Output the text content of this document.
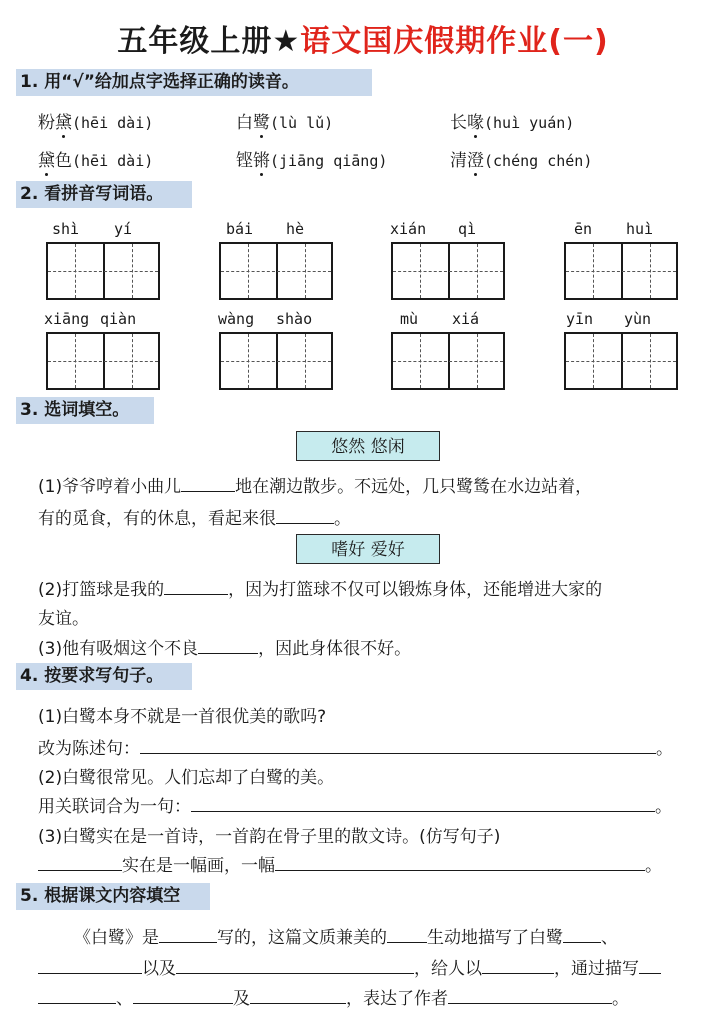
五年级上册★语文国庆假期作业(一)
1. 用“√”给加点字选择正确的读音。
粉黛(hēi dài)	白鹭(lù lǔ)	长喙(huì yuán)
黛色(hēi dài)	铿锵(jiāng qiāng)	清澄(chéng chén)
2. 看拼音写词语。
shì yí	bái hè	xián qì	ēn huì
xiāng qiàn	wàng shào	mù xiá	yīn yùn
3. 选词填空。
悠然 悠闲
(1)爷爷哼着小曲儿	地在潮边散步。不远处，几只鹭鸶在水边站着，
有的觅食，有的休息，看起来很	。
嗜好 爱好
(2)打篮球是我的	，因为打篮球不仅可以锻炼身体，还能增进大家的
友谊。
(3)他有吸烟这个不良	，因此身体很不好。
4. 按要求写句子。
(1)白鹭本身不就是一首很优美的歌吗?
改为陈述句：	。
(2)白鹭很常见。人们忘却了白鹭的美。
用关联词合为一句：	。
(3)白鹭实在是一首诗，一首韵在骨子里的散文诗。(仿写句子)
实在是一幅画，一幅	。
5. 根据课文内容填空
《白鹭》是	写的，这篇文质兼美的 生动地描写了白鹭 、
以及	，给人以	，通过描写
、	及	，表达了作者	。
